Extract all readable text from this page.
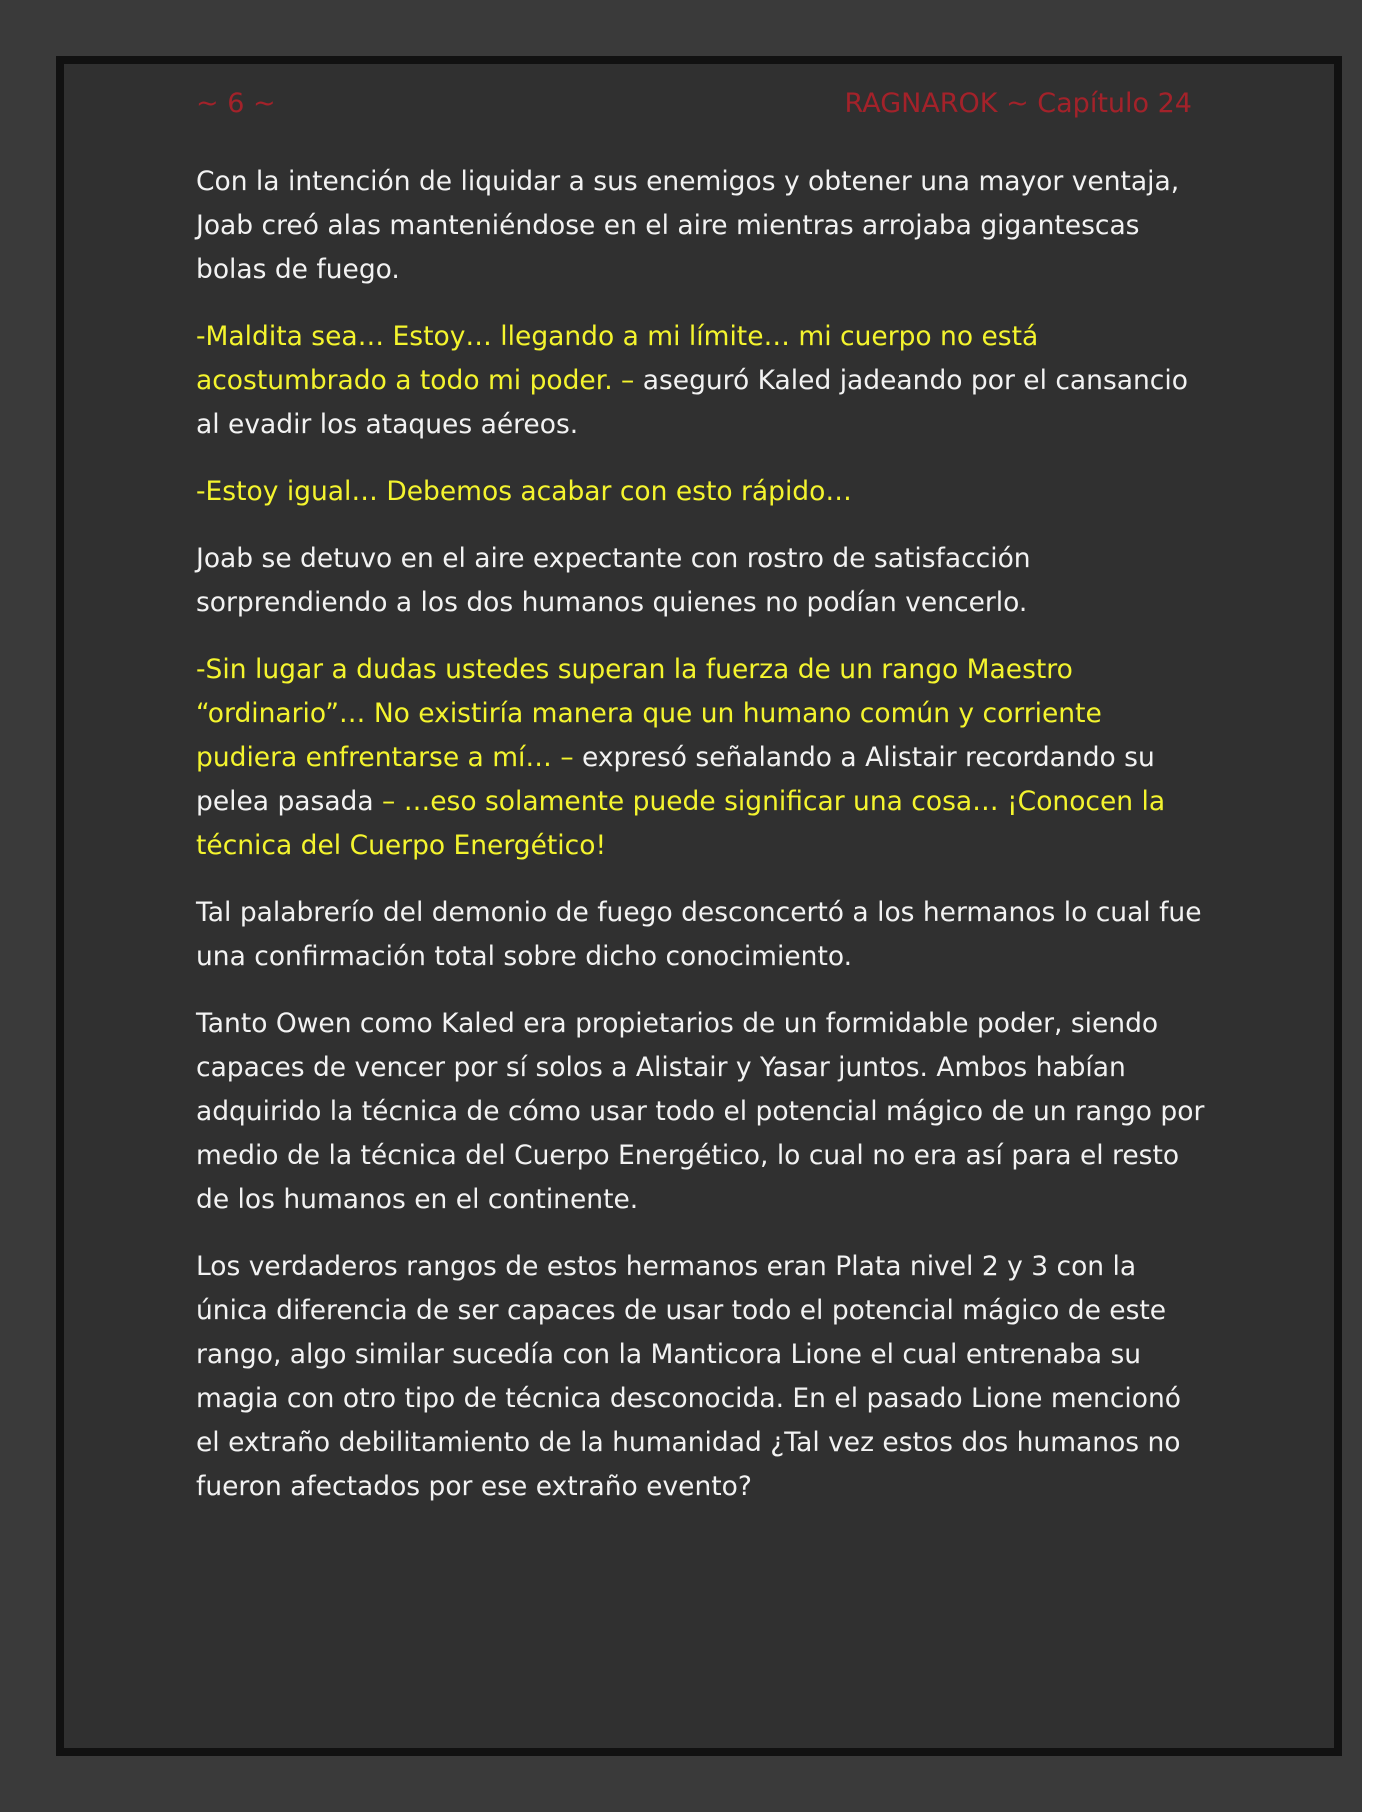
~ 6 ~	RAGNAROK ~ Capítulo 24

Con la intención de liquidar a sus enemigos y obtener una mayor ventaja, Joab creó alas manteniéndose en el aire mientras arrojaba gigantescas bolas de fuego.

-Maldita sea… Estoy… llegando a mi límite… mi cuerpo no está acostumbrado a todo mi poder. – aseguró Kaled jadeando por el cansancio al evadir los ataques aéreos.

-Estoy igual… Debemos acabar con esto rápido…

Joab se detuvo en el aire expectante con rostro de satisfacción sorprendiendo a los dos humanos quienes no podían vencerlo.

-Sin lugar a dudas ustedes superan la fuerza de un rango Maestro “ordinario”… No existiría manera que un humano común y corriente pudiera enfrentarse a mí… – expresó señalando a Alistair recordando su pelea pasada – …eso solamente puede significar una cosa… ¡Conocen la técnica del Cuerpo Energético!

Tal palabrerío del demonio de fuego desconcertó a los hermanos lo cual fue una confirmación total sobre dicho conocimiento.

Tanto Owen como Kaled era propietarios de un formidable poder, siendo capaces de vencer por sí solos a Alistair y Yasar juntos. Ambos habían adquirido la técnica de cómo usar todo el potencial mágico de un rango por medio de la técnica del Cuerpo Energético, lo cual no era así para el resto de los humanos en el continente.

Los verdaderos rangos de estos hermanos eran Plata nivel 2 y 3 con la única diferencia de ser capaces de usar todo el potencial mágico de este rango, algo similar sucedía con la Manticora Lione el cual entrenaba su magia con otro tipo de técnica desconocida. En el pasado Lione mencionó el extraño debilitamiento de la humanidad ¿Tal vez estos dos humanos no fueron afectados por ese extraño evento?
